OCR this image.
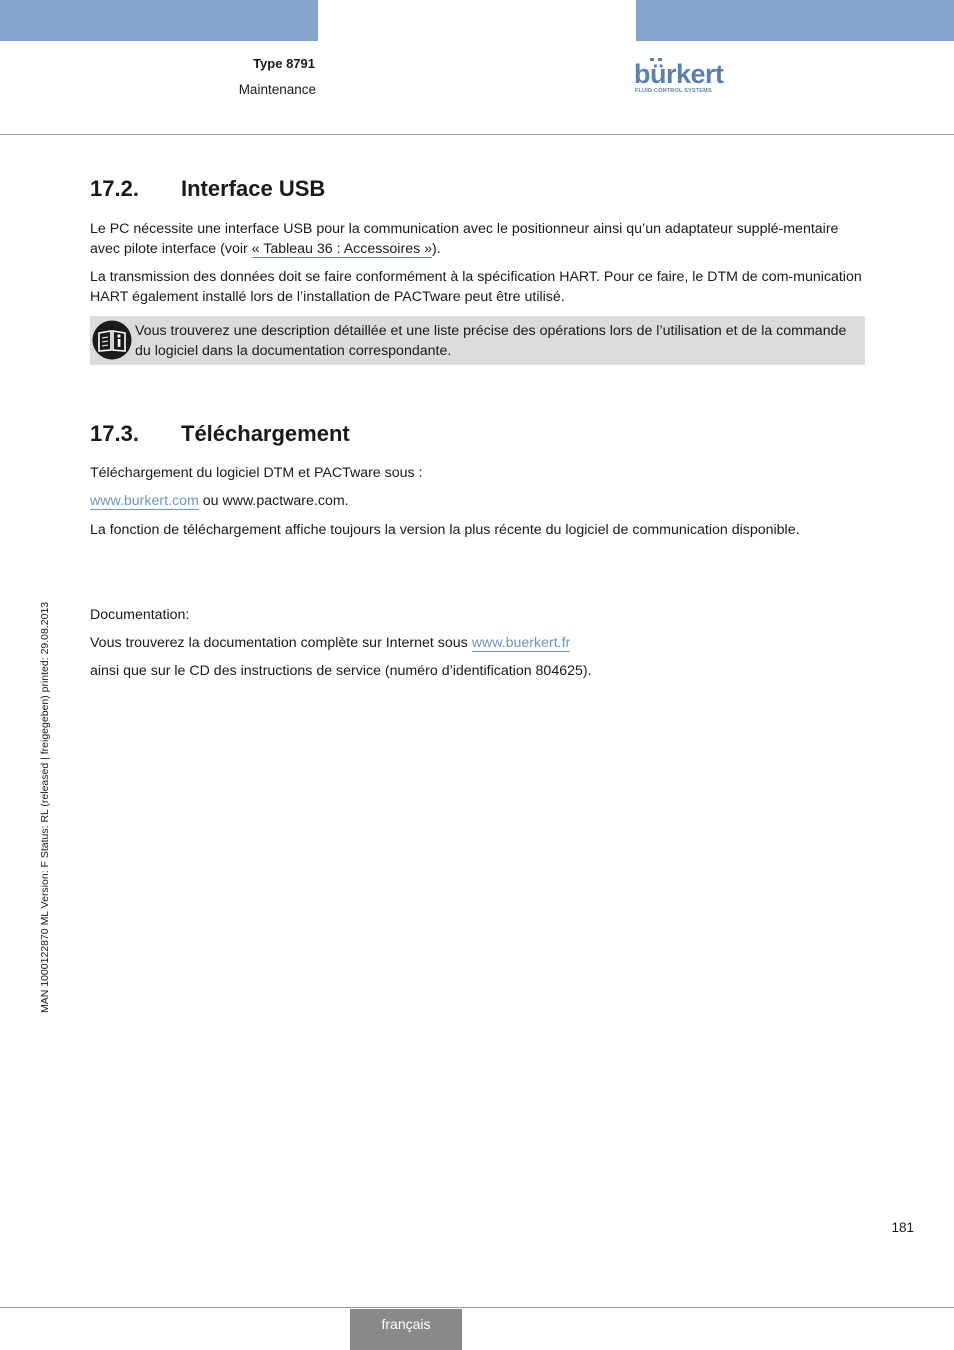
Type 8791
Maintenance
bürkert
FLUID CONTROL SYSTEMS
MAN 1000122870 ML Version: F Status: RL (released | freigegeben) printed: 29.08.2013
17.2. Interface USB
Le PC nécessite une interface USB pour la communication avec le positionneur ainsi qu’un adaptateur supplé-mentaire avec pilote interface (voir « Tableau 36 : Accessoires »).
La transmission des données doit se faire conformément à la spécification HART. Pour ce faire, le DTM de com-munication HART également installé lors de l’installation de PACTware peut être utilisé.
Vous trouverez une description détaillée et une liste précise des opérations lors de l’utilisation et de la commande du logiciel dans la documentation correspondante.
17.3. Téléchargement
Téléchargement du logiciel DTM et PACTware sous :
www.burkert.com ou www.pactware.com.
La fonction de téléchargement affiche toujours la version la plus récente du logiciel de communication disponible.
Documentation:
Vous trouverez la documentation complète sur Internet sous www.buerkert.fr
ainsi que sur le CD des instructions de service (numéro d’identification 804625).
181
français
